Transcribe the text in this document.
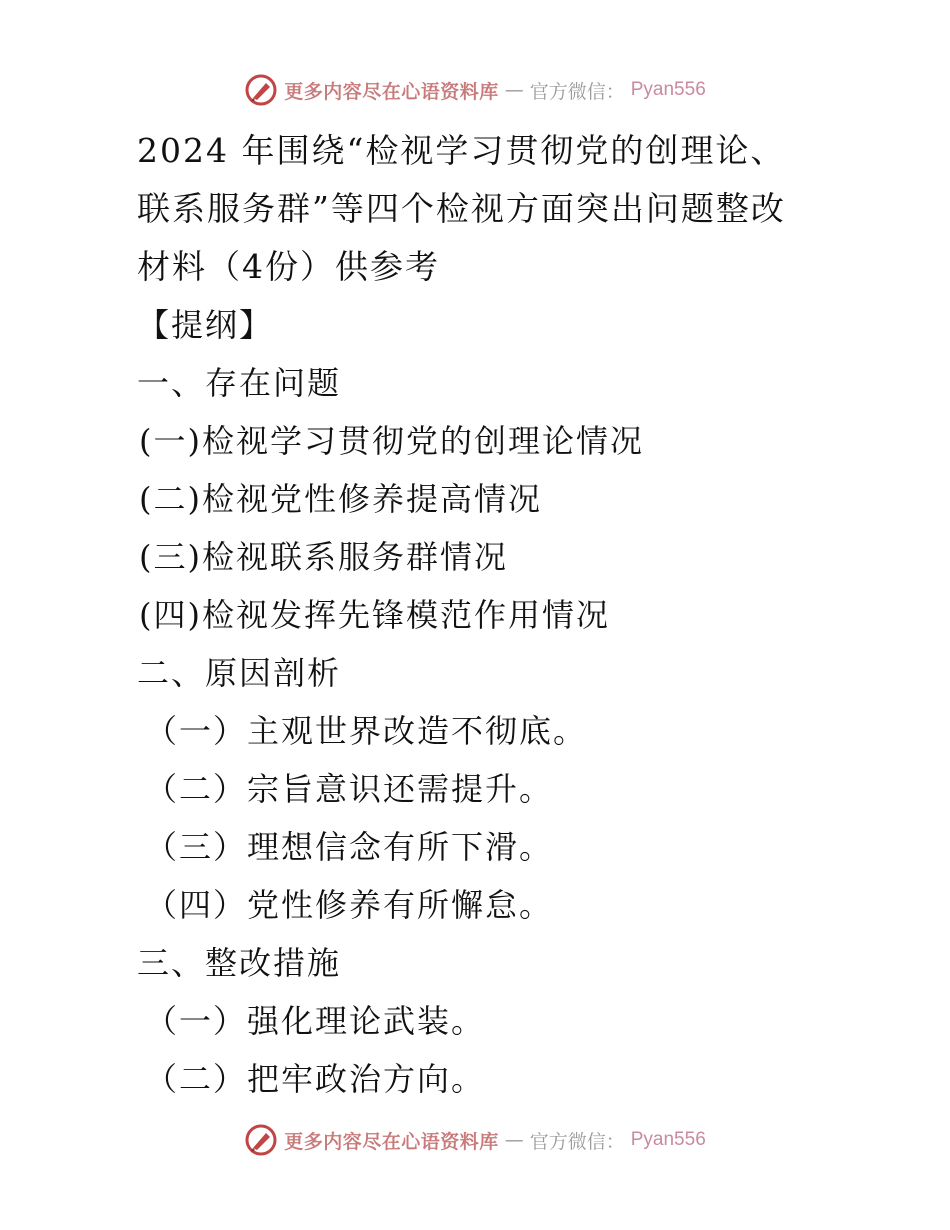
更多内容尽在心语资料库 — 官方微信： Pyan556
2024 年围绕“检视学习贯彻党的创理论、联系服务群”等四个检视方面突出问题整改材料（4份）供参考
【提纲】
一、存在问题
(一)检视学习贯彻党的创理论情况
(二)检视党性修养提高情况
(三)检视联系服务群情况
(四)检视发挥先锋模范作用情况
二、原因剖析
（一）主观世界改造不彻底。
（二）宗旨意识还需提升。
（三）理想信念有所下滑。
（四）党性修养有所懈怠。
三、整改措施
（一）强化理论武装。
（二）把牢政治方向。
更多内容尽在心语资料库 — 官方微信： Pyan556
